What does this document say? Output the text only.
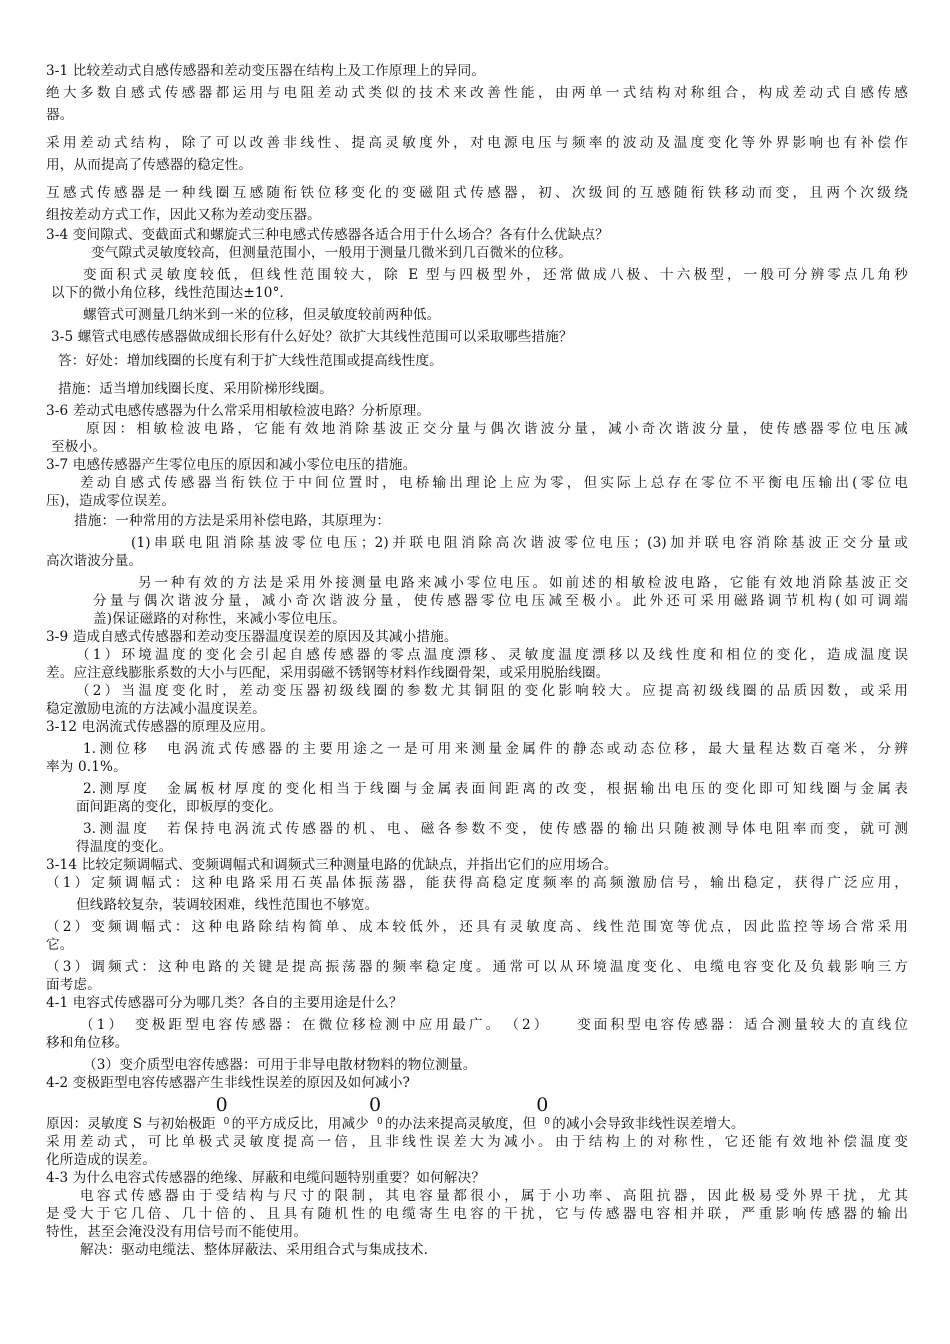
3-1 比较差动式自感传感器和差动变压器在结构上及工作原理上的异同。
绝大多数自感式传感器都运用与电阻差动式类似的技术来改善性能，由两单一式结构对称组合，构成差动式自感传感
器。
采用差动式结构，除了可以改善非线性、提高灵敏度外，对电源电压与频率的波动及温度变化等外界影响也有补偿作
用，从而提高了传感器的稳定性。
互感式传感器是一种线圈互感随衔铁位移变化的变磁阻式传感器，初、次级间的互感随衔铁移动而变，且两个次级绕
组按差动方式工作，因此又称为差动变压器。
3-4 变间隙式、变截面式和螺旋式三种电感式传感器各适合用于什么场合？各有什么优缺点？
变气隙式灵敏度较高，但测量范围小，一般用于测量几微米到几百微米的位移。
变面积式灵敏度较低，但线性范围较大，除 E 型与四极型外，还常做成八极、十六极型，一般可分辨零点几角秒
以下的微小角位移，线性范围达±10°．
螺管式可测量几纳米到一米的位移，但灵敏度较前两种低。
3-5 螺管式电感传感器做成细长形有什么好处？欲扩大其线性范围可以采取哪些措施？
答：好处：增加线圈的长度有利于扩大线性范围或提高线性度。
措施：适当增加线圈长度、采用阶梯形线圈。
3-6 差动式电感传感器为什么常采用相敏检波电路？分析原理。
原因：相敏检波电路，它能有效地消除基波正交分量与偶次谐波分量，减小奇次谐波分量，使传感器零位电压减
至极小。
3-7 电感传感器产生零位电压的原因和减小零位电压的措施。
差动自感式传感器当衔铁位于中间位置时，电桥输出理论上应为零，但实际上总存在零位不平衡电压输出(零位电
压)，造成零位误差。
措施：一种常用的方法是采用补偿电路，其原理为：
(1)串联电阻消除基波零位电压；2)并联电阻消除高次谐波零位电压；(3)加并联电容消除基波正交分量或
高次谐波分量。
另一种有效的方法是采用外接测量电路来减小零位电压。如前述的相敏检波电路，它能有效地消除基波正交
分量与偶次谐波分量，减小奇次谐波分量，使传感器零位电压减至极小。此外还可采用磁路调节机构(如可调端
盖)保证磁路的对称性，来减小零位电压。
3-9 造成自感式传感器和差动变压器温度误差的原因及其减小措施。
（1）环境温度的变化会引起自感传感器的零点温度漂移、灵敏度温度漂移以及线性度和相位的变化，造成温度误
差。应注意线膨胀系数的大小与匹配，采用弱磁不锈钢等材料作线圈骨架，或采用脱胎线圈。
（2）当温度变化时，差动变压器初级线圈的参数尤其铜阻的变化影响较大。应提高初级线圈的品质因数，或采用
稳定激励电流的方法减小温度误差。
3-12 电涡流式传感器的原理及应用。
1.测位移　电涡流式传感器的主要用途之一是可用来测量金属件的静态或动态位移，最大量程达数百毫米，分辨
率为 0.1%。
2.测厚度　金属板材厚度的变化相当于线圈与金属表面间距离的改变，根据输出电压的变化即可知线圈与金属表
面间距离的变化，即板厚的变化。
3.测温度　若保持电涡流式传感器的机、电、磁各参数不变，使传感器的输出只随被测导体电阻率而变，就可测
得温度的变化。
3-14 比较定频调幅式、变频调幅式和调频式三种测量电路的优缺点，并指出它们的应用场合。
（1）定频调幅式：这种电路采用石英晶体振荡器，能获得高稳定度频率的高频激励信号，输出稳定，获得广泛应用，
但线路较复杂，装调较困难，线性范围也不够宽。
（2）变频调幅式：这种电路除结构简单、成本较低外，还具有灵敏度高、线性范围宽等优点，因此监控等场合常采用
它。
（3）调频式：这种电路的关键是提高振荡器的频率稳定度。通常可以从环境温度变化、电缆电容变化及负载影响三方
面考虑。
4-1 电容式传感器可分为哪几类？各自的主要用途是什么？
（1）　变极距型电容传感器：在微位移检测中应用最广。　（2）　　变面积型电容传感器：适合测量较大的直线位
移和角位移。
（3）变介质型电容传感器：可用于非导电散材物料的物位测量。
4-2 变极距型电容传感器产生非线性误差的原因及如何减小?
原因：灵敏度 S 与初始极距
0
0 的平方成反比，用减少
0
0 的办法来提高灵敏度，但
0
0 的减小会导致非线性误差增大。
采用差动式，可比单极式灵敏度提高一倍，且非线性误差大为减小。由于结构上的对称性，它还能有效地补偿温度变
化所造成的误差。
4-3 为什么电容式传感器的绝缘、屏蔽和电缆问题特别重要？如何解决？
电容式传感器由于受结构与尺寸的限制，其电容量都很小，属于小功率、高阻抗器，因此极易受外界干扰，尤其
是受大于它几倍、几十倍的、且具有随机性的电缆寄生电容的干扰，它与传感器电容相并联，严重影响传感器的输出
特性，甚至会淹没没有用信号而不能使用。
解决：驱动电缆法、整体屏蔽法、采用组合式与集成技术.
